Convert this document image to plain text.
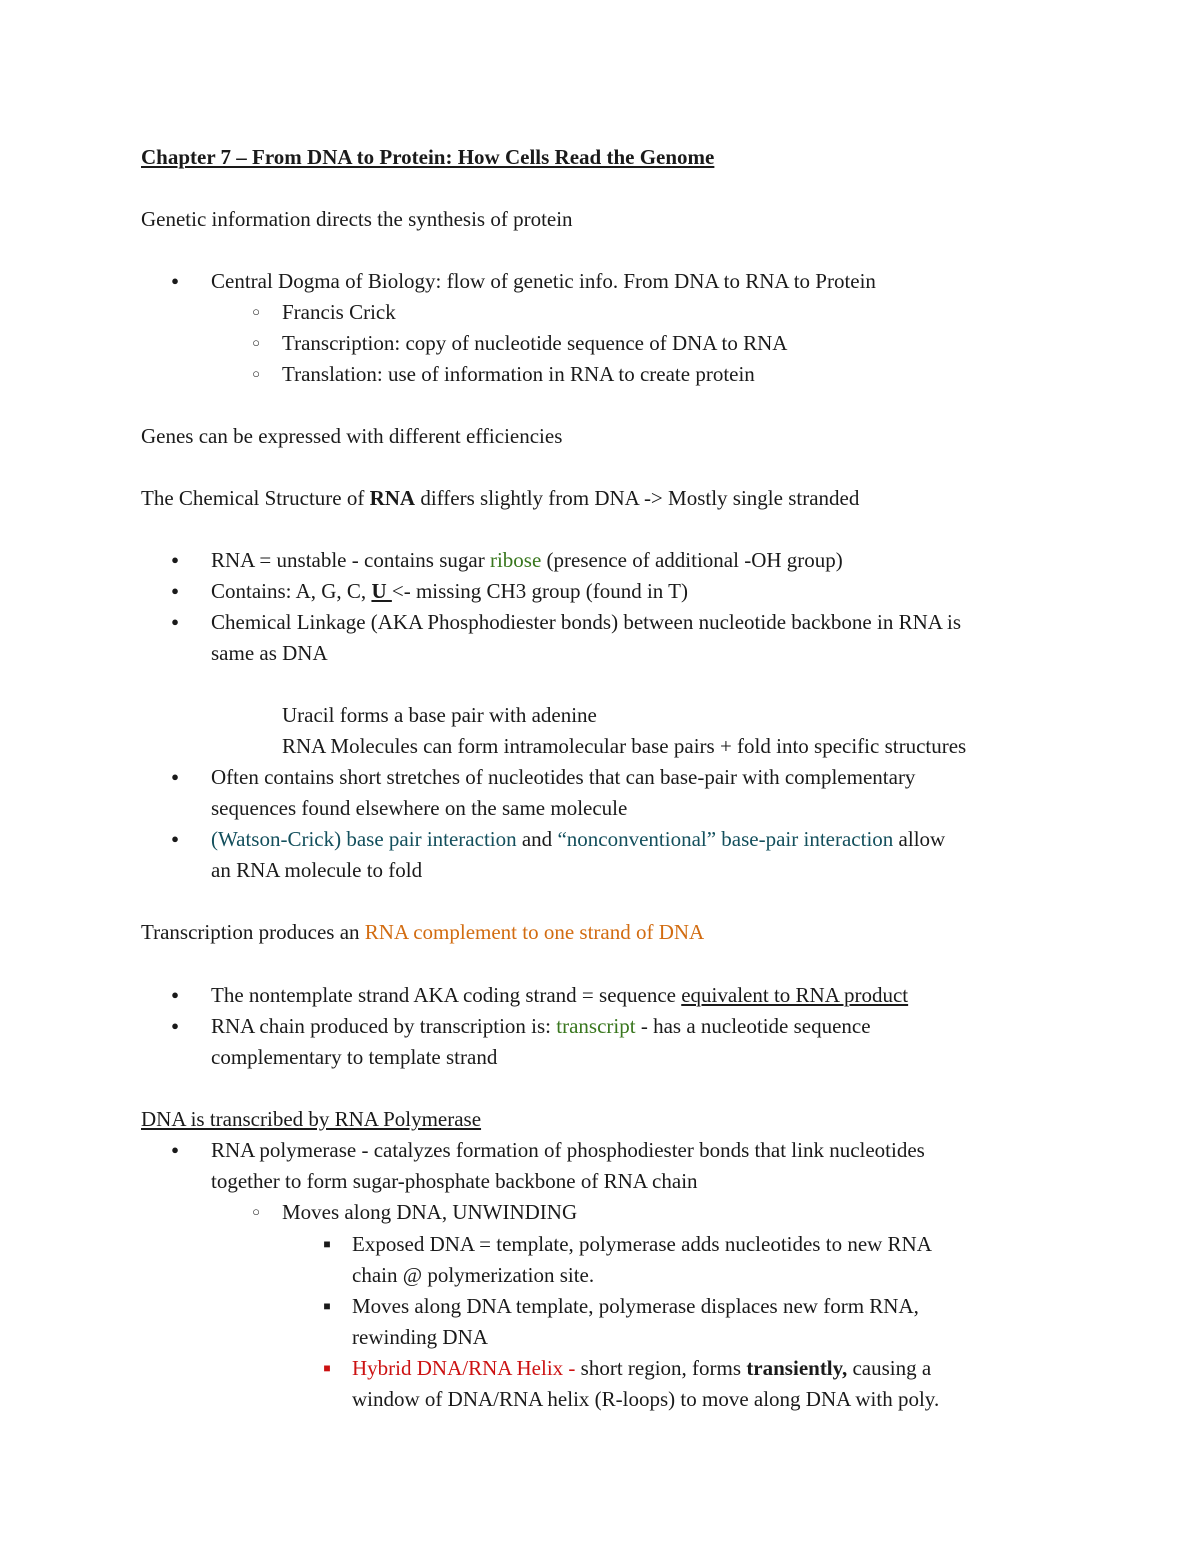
Chapter 7 – From DNA to Protein: How Cells Read the Genome
Genetic information directs the synthesis of protein
● Central Dogma of Biology: flow of genetic info. From DNA to RNA to Protein
○ Francis Crick
○ Transcription: copy of nucleotide sequence of DNA to RNA
○ Translation: use of information in RNA to create protein
Genes can be expressed with different efficiencies
The Chemical Structure of RNA differs slightly from DNA -> Mostly single stranded
● RNA = unstable - contains sugar ribose (presence of additional -OH group)
● Contains: A, G, C, U <- missing CH3 group (found in T)
● Chemical Linkage (AKA Phosphodiester bonds) between nucleotide backbone in RNA is
same as DNA
Uracil forms a base pair with adenine
RNA Molecules can form intramolecular base pairs + fold into specific structures
● Often contains short stretches of nucleotides that can base-pair with complementary
sequences found elsewhere on the same molecule
● (Watson-Crick) base pair interaction and “nonconventional” base-pair interaction allow
an RNA molecule to fold
Transcription produces an RNA complement to one strand of DNA
● The nontemplate strand AKA coding strand = sequence equivalent to RNA product
● RNA chain produced by transcription is: transcript - has a nucleotide sequence
complementary to template strand
DNA is transcribed by RNA Polymerase
● RNA polymerase - catalyzes formation of phosphodiester bonds that link nucleotides
together to form sugar-phosphate backbone of RNA chain
○ Moves along DNA, UNWINDING
■	Exposed DNA = template, polymerase adds nucleotides to new RNA
chain @ polymerization site.
■	Moves along DNA template, polymerase displaces new form RNA,
rewinding DNA
■	Hybrid DNA/RNA Helix - short region, forms transiently, causing a
window of DNA/RNA helix (R-loops) to move along DNA with poly.
